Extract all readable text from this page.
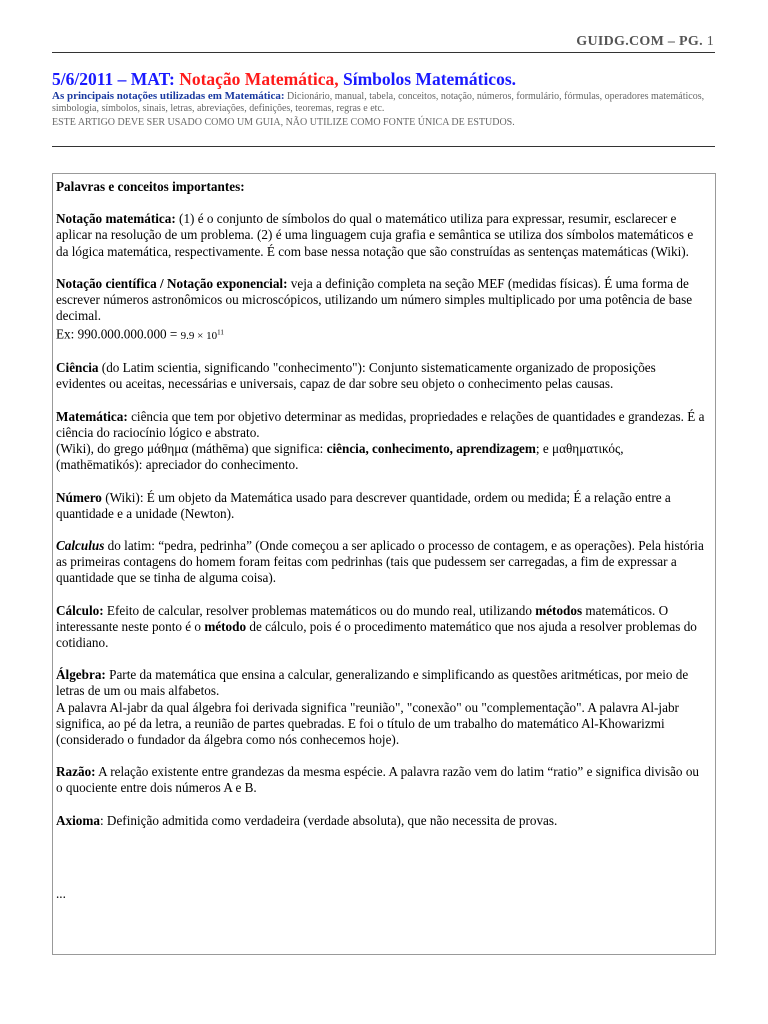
GUIDG.COM – PG. 1
5/6/2011 – MAT: Notação Matemática, Símbolos Matemáticos.
As principais notações utilizadas em Matemática: Dicionário, manual, tabela, conceitos, notação, números, formulário, fórmulas, operadores matemáticos, simbologia, símbolos, sinais, letras, abreviações, definições, teoremas, regras e etc.
ESTE ARTIGO DEVE SER USADO COMO UM GUIA, NÃO UTILIZE COMO FONTE ÚNICA DE ESTUDOS.

Palavras e conceitos importantes:

Notação matemática: (1) é o conjunto de símbolos do qual o matemático utiliza para expressar, resumir, esclarecer e aplicar na resolução de um problema. (2) é uma linguagem cuja grafia e semântica se utiliza dos símbolos matemáticos e da lógica matemática, respectivamente. É com base nessa notação que são construídas as sentenças matemáticas (Wiki).

Notação científica / Notação exponencial: veja a definição completa na seção MEF (medidas físicas). É uma forma de escrever números astronômicos ou microscópicos, utilizando um número simples multiplicado por uma potência de base decimal.
Ex: $990.000.000.000 = 9.9 \times 10^{11}$

Ciência (do Latim scientia, significando "conhecimento"): Conjunto sistematicamente organizado de proposições evidentes ou aceitas, necessárias e universais, capaz de dar sobre seu objeto o conhecimento pelas causas.

Matemática: ciência que tem por objetivo determinar as medidas, propriedades e relações de quantidades e grandezas. É a ciência do raciocínio lógico e abstrato.
(Wiki), do grego μάθημα (máthēma) que significa: ciência, conhecimento, aprendizagem; e μαθηματικός, (mathēmatikós): apreciador do conhecimento.

Número (Wiki): É um objeto da Matemática usado para descrever quantidade, ordem ou medida; É a relação entre a quantidade e a unidade (Newton).

Calculus do latim: “pedra, pedrinha” (Onde começou a ser aplicado o processo de contagem, e as operações). Pela história as primeiras contagens do homem foram feitas com pedrinhas (tais que pudessem ser carregadas, a fim de expressar a quantidade que se tinha de alguma coisa).

Cálculo: Efeito de calcular, resolver problemas matemáticos ou do mundo real, utilizando métodos matemáticos. O interessante neste ponto é o método de cálculo, pois é o procedimento matemático que nos ajuda a resolver problemas do cotidiano.

Álgebra: Parte da matemática que ensina a calcular, generalizando e simplificando as questões aritméticas, por meio de letras de um ou mais alfabetos.
A palavra Al-jabr da qual álgebra foi derivada significa "reunião", "conexão" ou "complementação". A palavra Al-jabr significa, ao pé da letra, a reunião de partes quebradas. E foi o título de um trabalho do matemático Al-Khowarizmi (considerado o fundador da álgebra como nós conhecemos hoje).

Razão: A relação existente entre grandezas da mesma espécie. A palavra razão vem do latim “ratio” e significa divisão ou o quociente entre dois números A e B.

Axioma: Definição admitida como verdadeira (verdade absoluta), que não necessita de provas.

...
